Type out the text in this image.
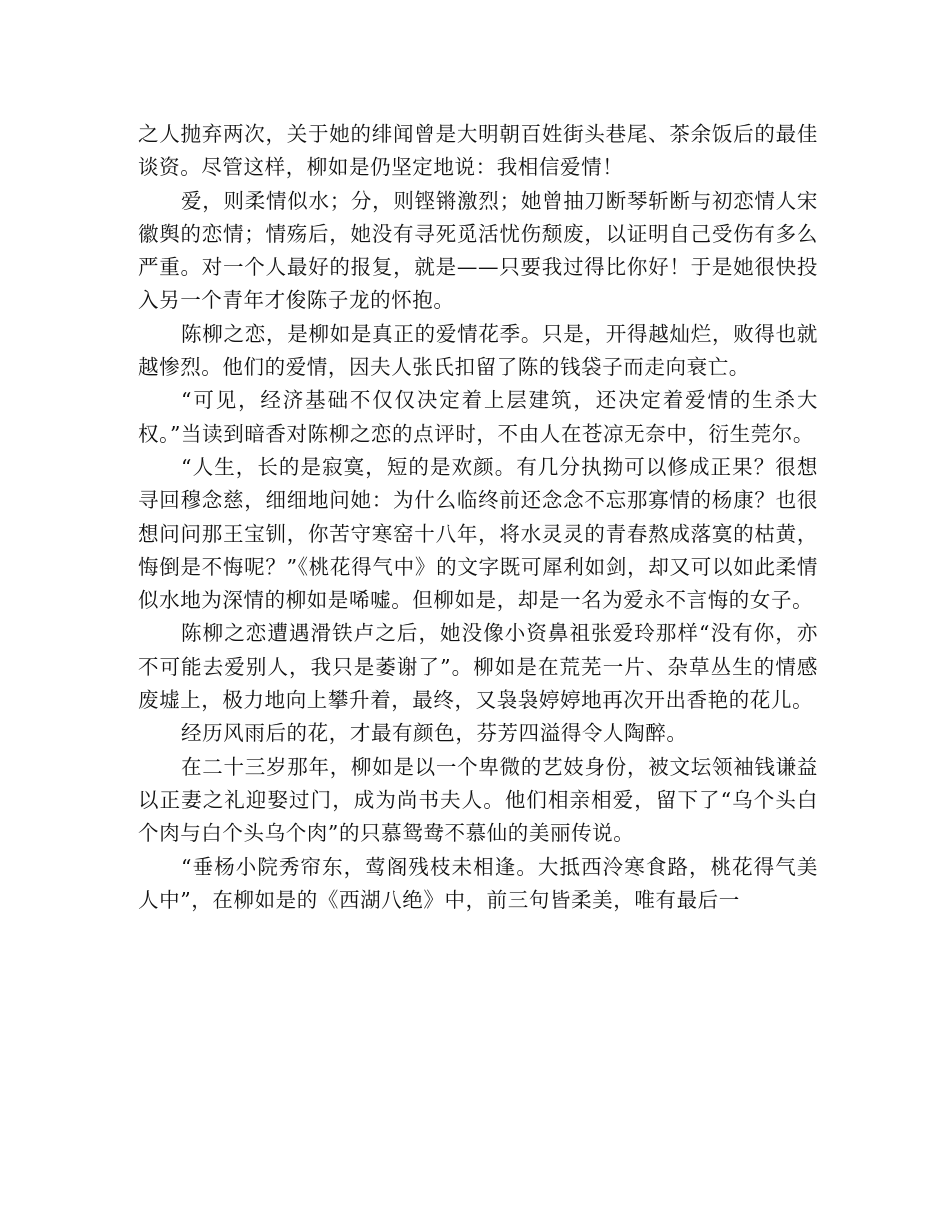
之人抛弃两次，关于她的绯闻曾是大明朝百姓街头巷尾、茶余饭后的最佳谈资。尽管这样，柳如是仍坚定地说：我相信爱情！

爱，则柔情似水；分，则铿锵激烈；她曾抽刀断琴斩断与初恋情人宋徽舆的恋情；情殇后，她没有寻死觅活忧伤颓废，以证明自己受伤有多么严重。对一个人最好的报复，就是——只要我过得比你好！于是她很快投入另一个青年才俊陈子龙的怀抱。

陈柳之恋，是柳如是真正的爱情花季。只是，开得越灿烂，败得也就越惨烈。他们的爱情，因夫人张氏扣留了陈的钱袋子而走向衰亡。

“可见，经济基础不仅仅决定着上层建筑，还决定着爱情的生杀大权。”当读到暗香对陈柳之恋的点评时，不由人在苍凉无奈中，衍生莞尔。

“人生，长的是寂寞，短的是欢颜。有几分执拗可以修成正果？很想寻回穆念慈，细细地问她：为什么临终前还念念不忘那寡情的杨康？也很想问问那王宝钏，你苦守寒窑十八年，将水灵灵的青春熬成落寞的枯黄，悔倒是不悔呢？”《桃花得气中》的文字既可犀利如剑，却又可以如此柔情似水地为深情的柳如是唏嘘。但柳如是，却是一名为爱永不言悔的女子。

陈柳之恋遭遇滑铁卢之后，她没像小资鼻祖张爱玲那样“没有你，亦不可能去爱别人，我只是萎谢了”。柳如是在荒芜一片、杂草丛生的情感废墟上，极力地向上攀升着，最终，又袅袅婷婷地再次开出香艳的花儿。

经历风雨后的花，才最有颜色，芬芳四溢得令人陶醉。

在二十三岁那年，柳如是以一个卑微的艺妓身份，被文坛领袖钱谦益以正妻之礼迎娶过门，成为尚书夫人。他们相亲相爱，留下了“乌个头白个肉与白个头乌个肉”的只慕鸳鸯不慕仙的美丽传说。

“垂杨小院秀帘东，莺阁残枝未相逢。大抵西泠寒食路，桃花得气美人中”，在柳如是的《西湖八绝》中，前三句皆柔美，唯有最后一
